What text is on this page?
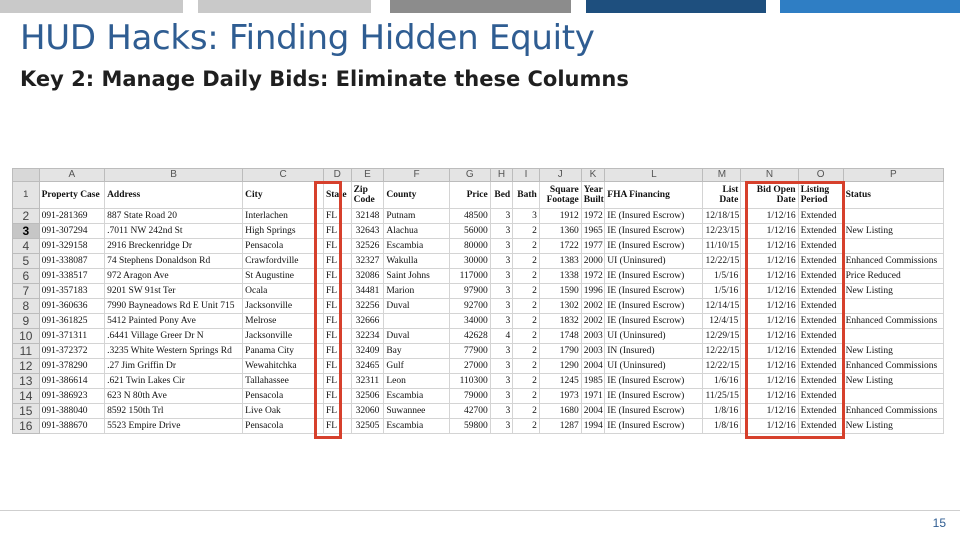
HUD Hacks: Finding Hidden Equity
Key 2: Manage Daily Bids: Eliminate these Columns
	A	B	C	D	E	F	G	H	I	J	K	L	M	N	O	P
1	Property Case	Address	City	State	Zip Code	County	Price	Bed	Bath	Square Footage	Year Built	FHA Financing	List Date	Bid Open Date	Listing Period	Status
2	091-281369	887 State Road 20	Interlachen	FL	32148	Putnam	48500	3	3	1912	1972	IE (Insured Escrow)	12/18/15	1/12/16	Extended	
3	091-307294	.7011 NW 242nd St	High Springs	FL	32643	Alachua	56000	3	2	1360	1965	IE (Insured Escrow)	12/23/15	1/12/16	Extended	New Listing
4	091-329158	2916 Breckenridge Dr	Pensacola	FL	32526	Escambia	80000	3	2	1722	1977	IE (Insured Escrow)	11/10/15	1/12/16	Extended	
5	091-338087	74 Stephens Donaldson Rd	Crawfordville	FL	32327	Wakulla	30000	3	2	1383	2000	UI (Uninsured)	12/22/15	1/12/16	Extended	Enhanced Commissions
6	091-338517	972 Aragon Ave	St Augustine	FL	32086	Saint Johns	117000	3	2	1338	1972	IE (Insured Escrow)	1/5/16	1/12/16	Extended	Price Reduced
7	091-357183	9201 SW 91st Ter	Ocala	FL	34481	Marion	97900	3	2	1590	1996	IE (Insured Escrow)	1/5/16	1/12/16	Extended	New Listing
8	091-360636	7990 Bayneadows Rd E Unit 715	Jacksonville	FL	32256	Duval	92700	3	2	1302	2002	IE (Insured Escrow)	12/14/15	1/12/16	Extended	
9	091-361825	5412 Painted Pony Ave	Melrose	FL	32666		34000	3	2	1832	2002	IE (Insured Escrow)	12/4/15	1/12/16	Extended	Enhanced Commissions
10	091-371311	.6441 Village Greer Dr N	Jacksonville	FL	32234	Duval	42628	4	2	1748	2003	UI (Uninsured)	12/29/15	1/12/16	Extended	
11	091-372372	.3235 White Western Springs Rd	Panama City	FL	32409	Bay	77900	3	2	1790	2003	IN (Insured)	12/22/15	1/12/16	Extended	New Listing
12	091-378290	.27 Jim Griffin Dr	Wewahitchka	FL	32465	Gulf	27000	3	2	1290	2004	UI (Uninsured)	12/22/15	1/12/16	Extended	Enhanced Commissions
13	091-386614	.621 Twin Lakes Cir	Tallahassee	FL	32311	Leon	110300	3	2	1245	1985	IE (Insured Escrow)	1/6/16	1/12/16	Extended	New Listing
14	091-386923	623 N 80th Ave	Pensacola	FL	32506	Escambia	79000	3	2	1973	1971	IE (Insured Escrow)	11/25/15	1/12/16	Extended	
15	091-388040	8592 150th Trl	Live Oak	FL	32060	Suwannee	42700	3	2	1680	2004	IE (Insured Escrow)	1/8/16	1/12/16	Extended	Enhanced Commissions
16	091-388670	5523 Empire Drive	Pensacola	FL	32505	Escambia	59800	3	2	1287	1994	IE (Insured Escrow)	1/8/16	1/12/16	Extended	New Listing
15
